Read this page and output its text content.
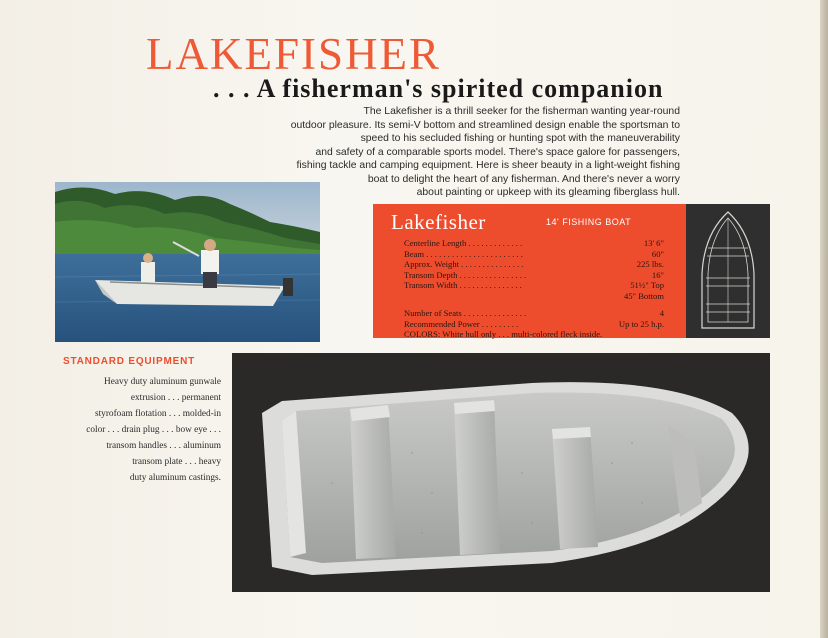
LAKEFISHER
. . . A fisherman's spirited companion
The Lakefisher is a thrill seeker for the fisherman wanting year-round
outdoor pleasure. Its semi-V bottom and streamlined design enable the sportsman to
speed to his secluded fishing or hunting spot with the maneuverability
and safety of a comparable sports model. There's space galore for passengers,
fishing tackle and camping equipment. Here is sheer beauty in a light-weight fishing
boat to delight the heart of any fisherman. And there's never a worry
about painting or upkeep with its gleaming fiberglass hull.
Lakefisher	14' FISHING BOAT
Centerline Length . . . . . . . . . . . . .	13' 6"
Beam . . . . . . . . . . . . . . . . . . . . . . .	60"
Approx. Weight . . . . . . . . . . . . . . .	225 lbs.
Transom Depth . . . . . . . . . . . . . . . .	16"
Transom Width . . . . . . . . . . . . . . .	51½" Top
45" Bottom
Number of Seats . . . . . . . . . . . . . . .	4
Recommended Power . . . . . . . . .	Up to 25 h.p.
COLORS: White hull only . . . multi-colored fleck inside.
STANDARD EQUIPMENT
Heavy duty aluminum gunwale
extrusion . . . permanent
styrofoam flotation . . . molded-in
color . . . drain plug . . . bow eye . . .
transom handles . . . aluminum
transom plate . . . heavy
duty aluminum castings.
